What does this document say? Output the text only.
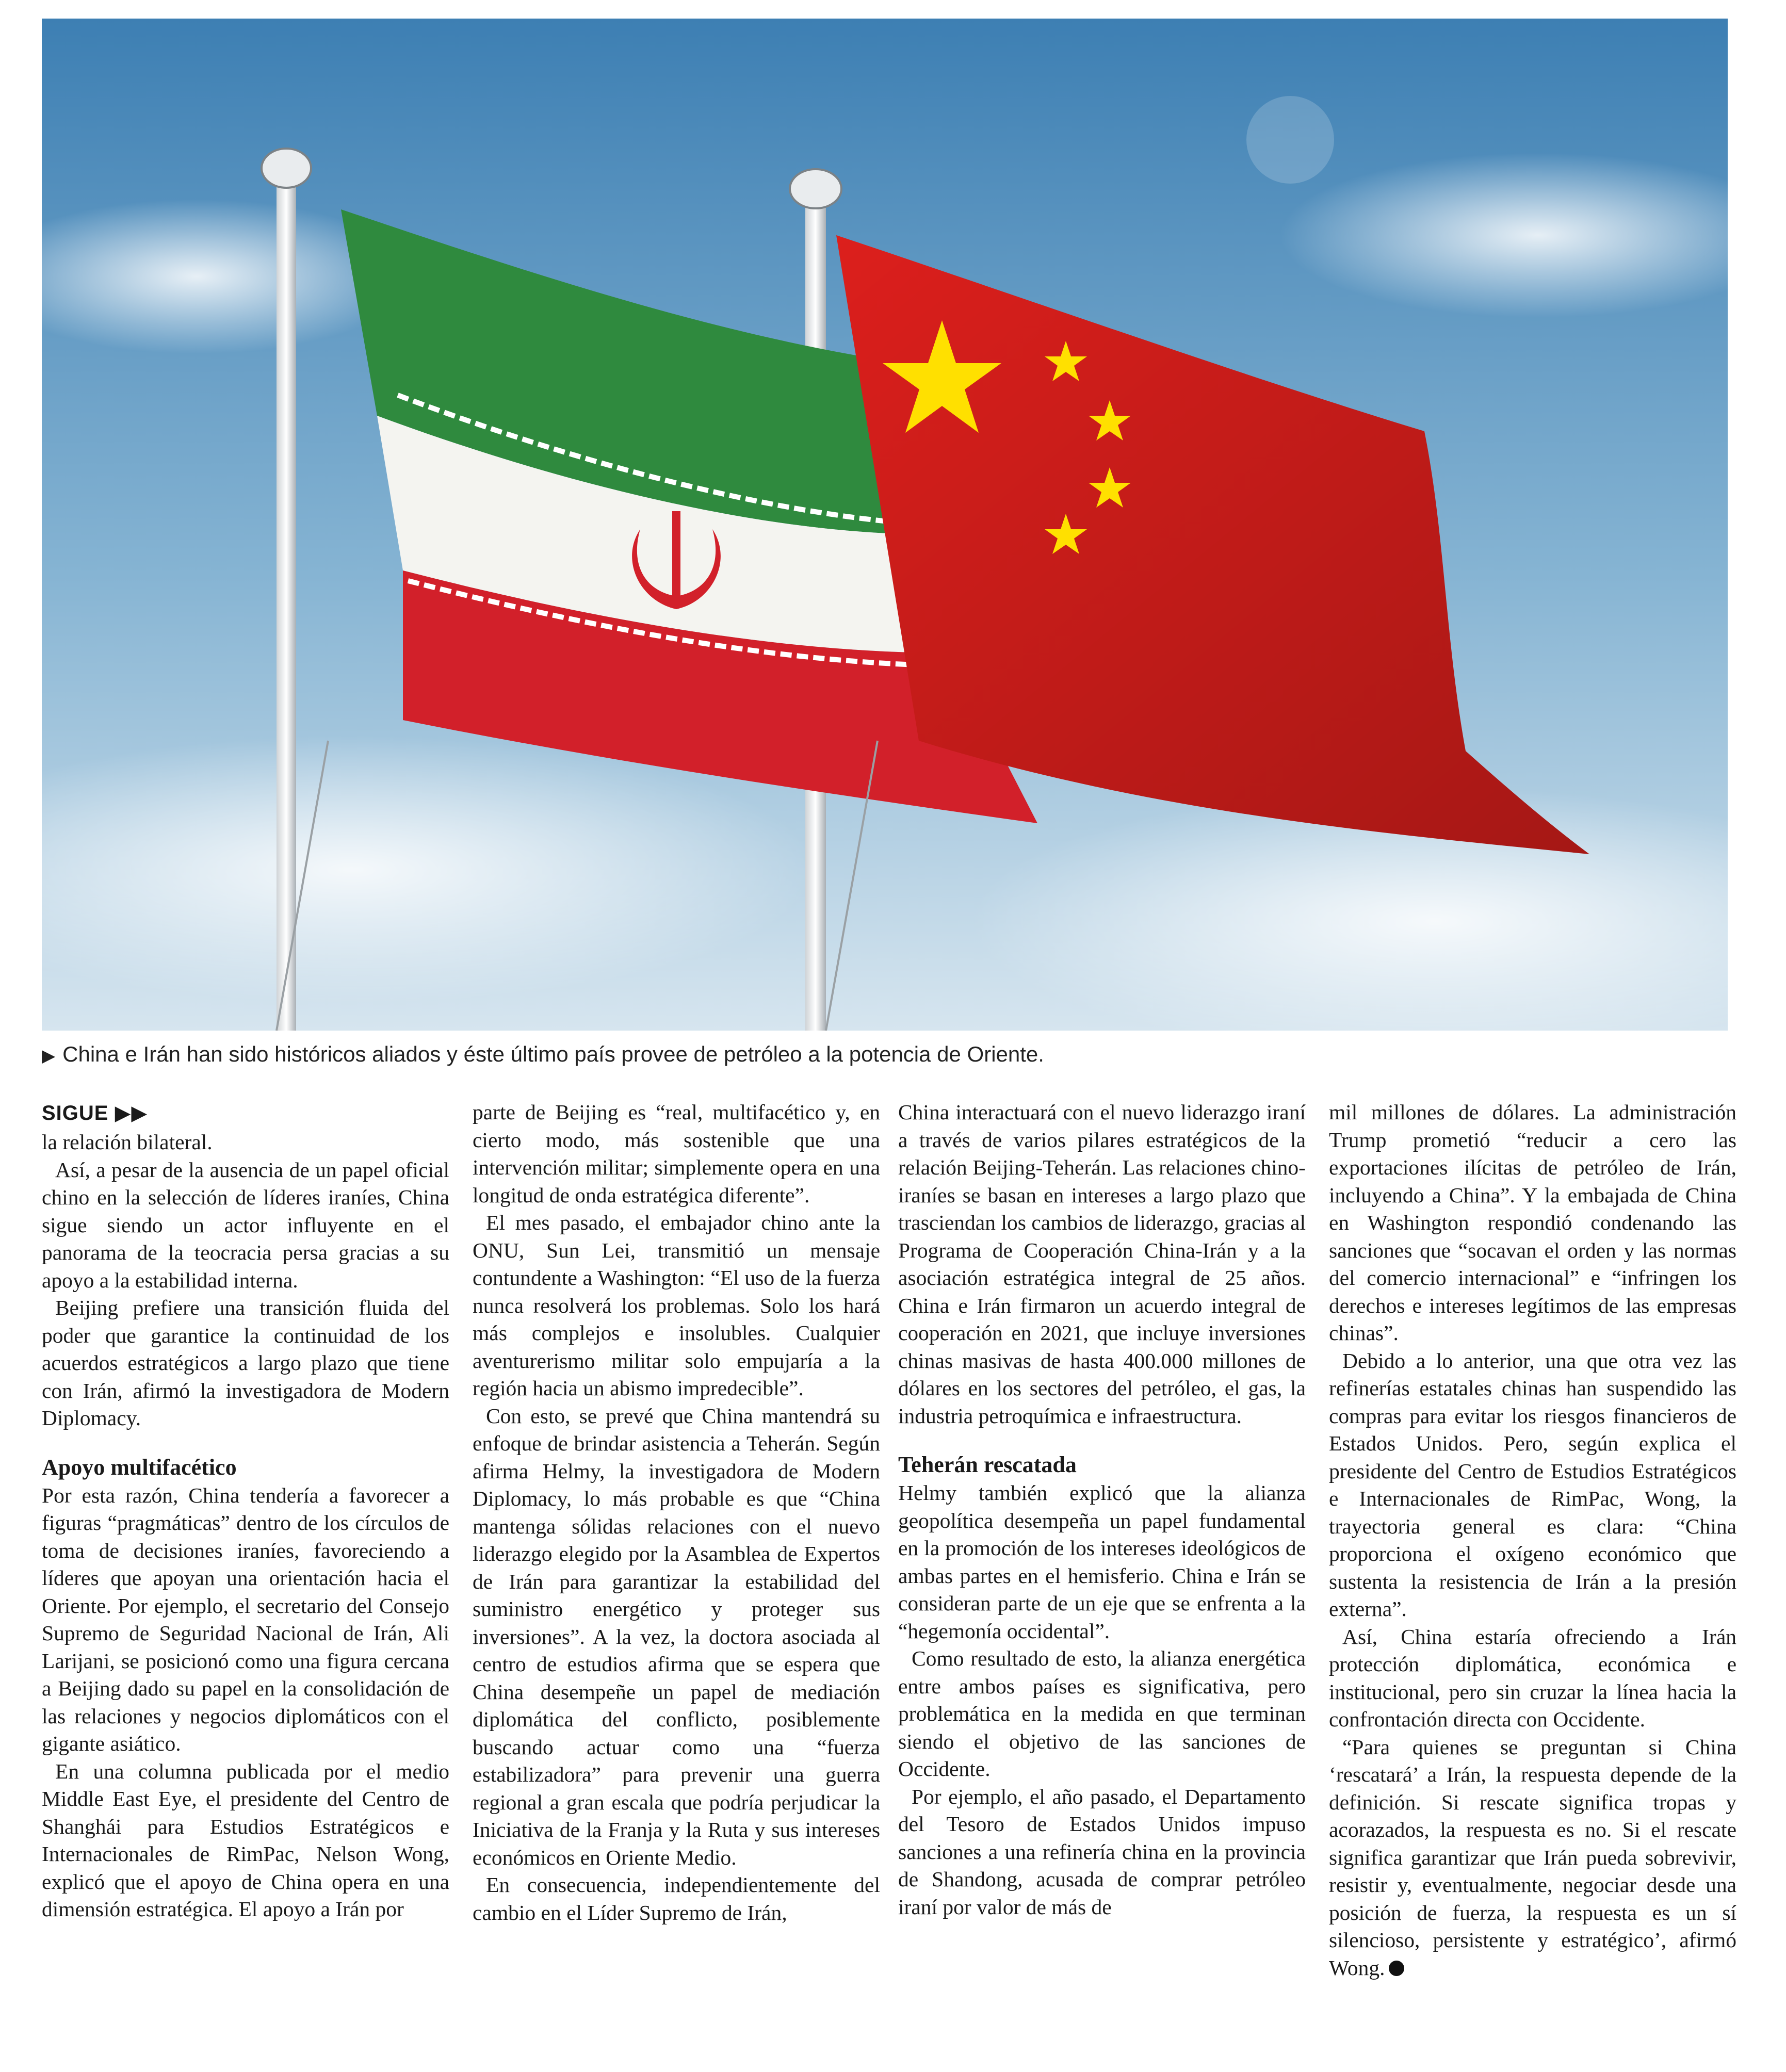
▶ China e Irán han sido históricos aliados y éste último país provee de petróleo a la potencia de Oriente.
SIGUE ▶▶

la relación bilateral.

Así, a pesar de la ausencia de un papel oficial chino en la selección de líderes iraníes, China sigue siendo un actor influyente en el panorama de la teocracia persa gracias a su apoyo a la estabilidad interna.

Beijing prefiere una transición fluida del poder que garantice la continuidad de los acuerdos estratégicos a largo plazo que tiene con Irán, afirmó la investigadora de Modern Diplomacy.

Apoyo multifacético

Por esta razón, China tendería a favorecer a figuras “pragmáticas” dentro de los círculos de toma de decisiones iraníes, favoreciendo a líderes que apoyan una orientación hacia el Oriente. Por ejemplo, el secretario del Consejo Supremo de Seguridad Nacional de Irán, Ali Larijani, se posicionó como una figura cercana a Beijing dado su papel en la consolidación de las relaciones y negocios diplomáticos con el gigante asiático.

En una columna publicada por el medio Middle East Eye, el presidente del Centro de Shanghái para Estudios Estratégicos e Internacionales de RimPac, Nelson Wong, explicó que el apoyo de China opera en una dimensión estratégica. El apoyo a Irán por

parte de Beijing es “real, multifacético y, en cierto modo, más sostenible que una intervención militar; simplemente opera en una longitud de onda estratégica diferente”.

El mes pasado, el embajador chino ante la ONU, Sun Lei, transmitió un mensaje contundente a Washington: “El uso de la fuerza nunca resolverá los problemas. Solo los hará más complejos e insolubles. Cualquier aventurerismo militar solo empujaría a la región hacia un abismo impredecible”.

Con esto, se prevé que China mantendrá su enfoque de brindar asistencia a Teherán. Según afirma Helmy, la investigadora de Modern Diplomacy, lo más probable es que “China mantenga sólidas relaciones con el nuevo liderazgo elegido por la Asamblea de Expertos de Irán para garantizar la estabilidad del suministro energético y proteger sus inversiones”. A la vez, la doctora asociada al centro de estudios afirma que se espera que China desempeñe un papel de mediación diplomática del conflicto, posiblemente buscando actuar como una “fuerza estabilizadora” para prevenir una guerra regional a gran escala que podría perjudicar la Iniciativa de la Franja y la Ruta y sus intereses económicos en Oriente Medio.

En consecuencia, independientemente del cambio en el Líder Supremo de Irán,

China interactuará con el nuevo liderazgo iraní a través de varios pilares estratégicos de la relación Beijing-Teherán. Las relaciones chino-iraníes se basan en intereses a largo plazo que trasciendan los cambios de liderazgo, gracias al Programa de Cooperación China-Irán y a la asociación estratégica integral de 25 años. China e Irán firmaron un acuerdo integral de cooperación en 2021, que incluye inversiones chinas masivas de hasta 400.000 millones de dólares en los sectores del petróleo, el gas, la industria petroquímica e infraestructura.

Teherán rescatada

Helmy también explicó que la alianza geopolítica desempeña un papel fundamental en la promoción de los intereses ideológicos de ambas partes en el hemisferio. China e Irán se consideran parte de un eje que se enfrenta a la “hegemonía occidental”.

Como resultado de esto, la alianza energética entre ambos países es significativa, pero problemática en la medida en que terminan siendo el objetivo de las sanciones de Occidente.

Por ejemplo, el año pasado, el Departamento del Tesoro de Estados Unidos impuso sanciones a una refinería china en la provincia de Shandong, acusada de comprar petróleo iraní por valor de más de

mil millones de dólares. La administración Trump prometió “reducir a cero las exportaciones ilícitas de petróleo de Irán, incluyendo a China”. Y la embajada de China en Washington respondió condenando las sanciones que “socavan el orden y las normas del comercio internacional” e “infringen los derechos e intereses legítimos de las empresas chinas”.

Debido a lo anterior, una que otra vez las refinerías estatales chinas han suspendido las compras para evitar los riesgos financieros de Estados Unidos. Pero, según explica el presidente del Centro de Estudios Estratégicos e Internacionales de RimPac, Wong, la trayectoria general es clara: “China proporciona el oxígeno económico que sustenta la resistencia de Irán a la presión externa”.

Así, China estaría ofreciendo a Irán protección diplomática, económica e institucional, pero sin cruzar la línea hacia la confrontación directa con Occidente.

“Para quienes se preguntan si China ‘rescatará’ a Irán, la respuesta depende de la definición. Si rescate significa tropas y acorazados, la respuesta es no. Si el rescate significa garantizar que Irán pueda sobrevivir, resistir y, eventualmente, negociar desde una posición de fuerza, la respuesta es un sí silencioso, persistente y estratégico’, afirmó Wong.
